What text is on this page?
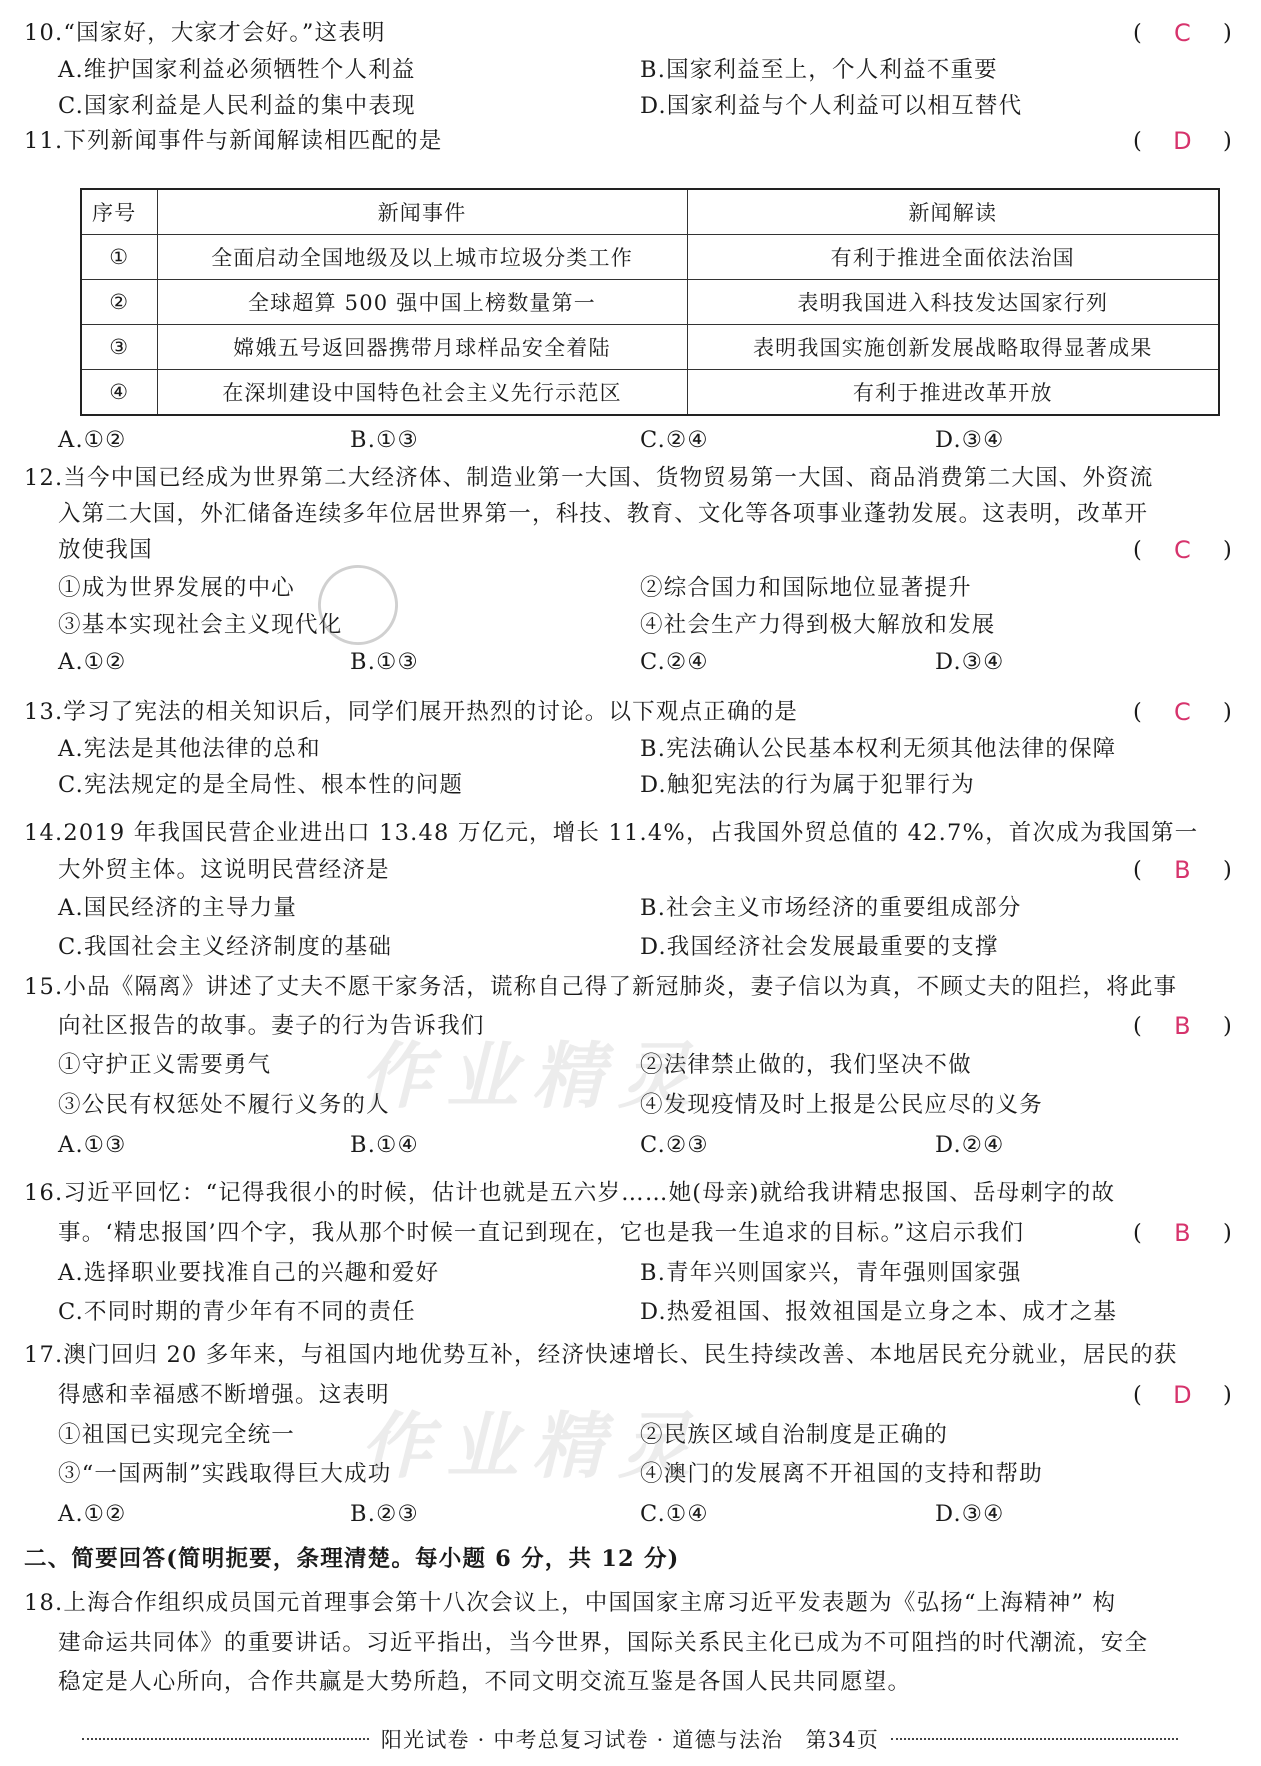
10.“国家好，大家才会好。”这表明	( C )
A.维护国家利益必须牺牲个人利益	B.国家利益至上，个人利益不重要
C.国家利益是人民利益的集中表现	D.国家利益与个人利益可以相互替代
11.下列新闻事件与新闻解读相匹配的是	( D )
序号	新闻事件	新闻解读
①	全面启动全国地级及以上城市垃圾分类工作	有利于推进全面依法治国
②	全球超算 500 强中国上榜数量第一	表明我国进入科技发达国家行列
③	嫦娥五号返回器携带月球样品安全着陆	表明我国实施创新发展战略取得显著成果
④	在深圳建设中国特色社会主义先行示范区	有利于推进改革开放
A.①②	B.①③	C.②④	D.③④
12.当今中国已经成为世界第二大经济体、制造业第一大国、货物贸易第一大国、商品消费第二大国、外资流
入第二大国，外汇储备连续多年位居世界第一，科技、教育、文化等各项事业蓬勃发展。这表明，改革开
放使我国	( C )
①成为世界发展的中心	②综合国力和国际地位显著提升
③基本实现社会主义现代化	④社会生产力得到极大解放和发展
A.①②	B.①③	C.②④	D.③④
13.学习了宪法的相关知识后，同学们展开热烈的讨论。以下观点正确的是	( C )
A.宪法是其他法律的总和	B.宪法确认公民基本权利无须其他法律的保障
C.宪法规定的是全局性、根本性的问题	D.触犯宪法的行为属于犯罪行为
14.2019 年我国民营企业进出口 13.48 万亿元，增长 11.4%，占我国外贸总值的 42.7%，首次成为我国第一
大外贸主体。这说明民营经济是	( B )
A.国民经济的主导力量	B.社会主义市场经济的重要组成部分
C.我国社会主义经济制度的基础	D.我国经济社会发展最重要的支撑
15.小品《隔离》讲述了丈夫不愿干家务活，谎称自己得了新冠肺炎，妻子信以为真，不顾丈夫的阻拦，将此事
向社区报告的故事。妻子的行为告诉我们	( B )
①守护正义需要勇气	②法律禁止做的，我们坚决不做
③公民有权惩处不履行义务的人	④发现疫情及时上报是公民应尽的义务
A.①③	B.①④	C.②③	D.②④
作业精灵
16.习近平回忆：“记得我很小的时候，估计也就是五六岁……她(母亲)就给我讲精忠报国、岳母刺字的故
事。‘精忠报国’四个字，我从那个时候一直记到现在，它也是我一生追求的目标。”这启示我们	( B )
A.选择职业要找准自己的兴趣和爱好	B.青年兴则国家兴，青年强则国家强
C.不同时期的青少年有不同的责任	D.热爱祖国、报效祖国是立身之本、成才之基
17.澳门回归 20 多年来，与祖国内地优势互补，经济快速增长、民生持续改善、本地居民充分就业，居民的获
得感和幸福感不断增强。这表明	( D )
①祖国已实现完全统一	②民族区域自治制度是正确的
③“一国两制”实践取得巨大成功	④澳门的发展离不开祖国的支持和帮助
A.①②	B.②③	C.①④	D.③④
作业精灵
二、简要回答(简明扼要，条理清楚。每小题 6 分，共 12 分)
18.上海合作组织成员国元首理事会第十八次会议上，中国国家主席习近平发表题为《弘扬“上海精神” 构
建命运共同体》的重要讲话。习近平指出，当今世界，国际关系民主化已成为不可阻挡的时代潮流，安全
稳定是人心所向，合作共赢是大势所趋，不同文明交流互鉴是各国人民共同愿望。
阳光试卷 · 中考总复习试卷 · 道德与法治　第34页
